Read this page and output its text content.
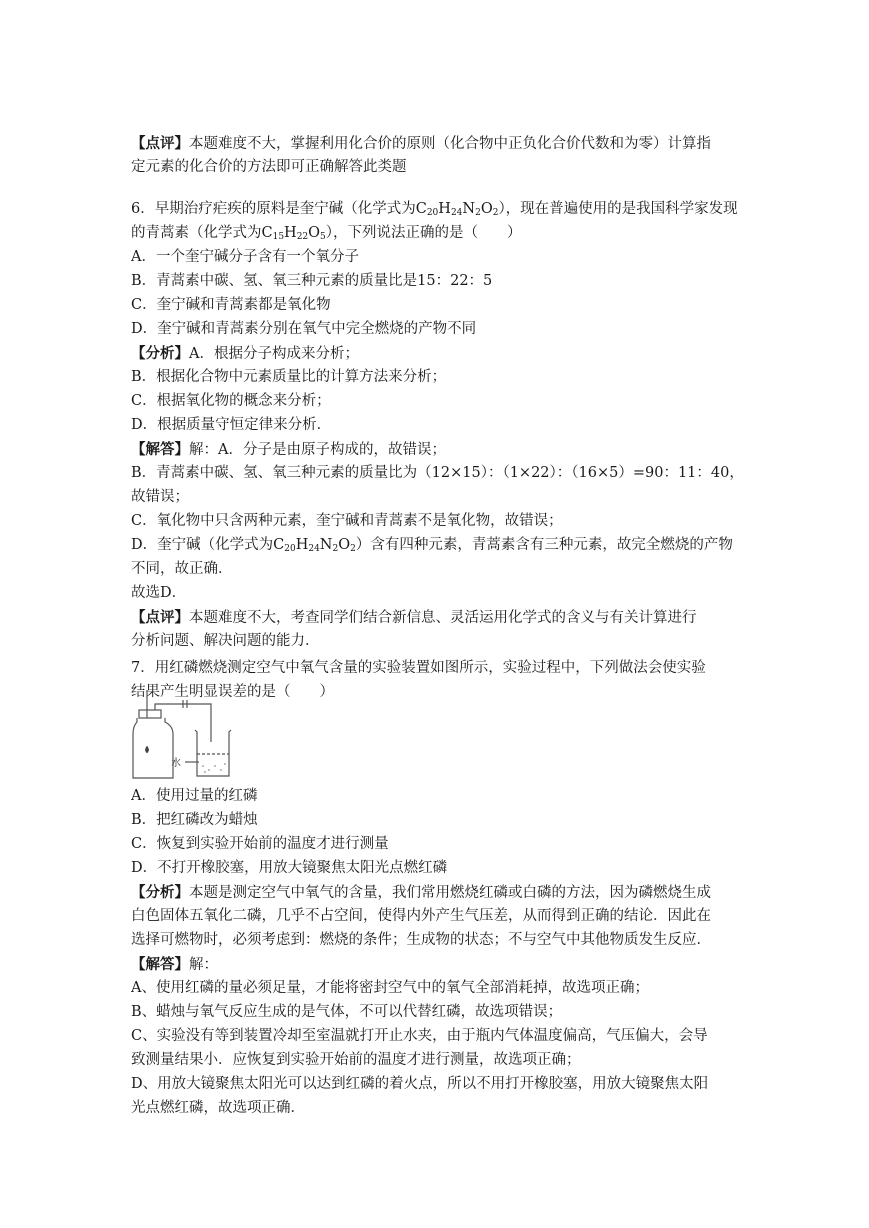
【点评】本题难度不大，掌握利用化合价的原则（化合物中正负化合价代数和为零）计算指
定元素的化合价的方法即可正确解答此类题
6．早期治疗疟疾的原料是奎宁碱（化学式为$C_{20}H_{24}N_2O_2$），现在普遍使用的是我国科学家发现
的青蒿素（化学式为$C_{15}H_{22}O_5$），下列说法正确的是（　　）
A．一个奎宁碱分子含有一个氧分子
B．青蒿素中碳、氢、氧三种元素的质量比是15：22：5
C．奎宁碱和青蒿素都是氧化物
D．奎宁碱和青蒿素分别在氧气中完全燃烧的产物不同
【分析】A．根据分子构成来分析；
B．根据化合物中元素质量比的计算方法来分析；
C．根据氧化物的概念来分析；
D．根据质量守恒定律来分析．
【解答】解：A．分子是由原子构成的，故错误；
B．青蒿素中碳、氢、氧三种元素的质量比为（12×15）：（1×22）：（16×5）=90：11：40，
故错误；
C．氧化物中只含两种元素，奎宁碱和青蒿素不是氧化物，故错误；
D．奎宁碱（化学式为$C_{20}H_{24}N_2O_2$）含有四种元素，青蒿素含有三种元素，故完全燃烧的产物
不同，故正确．
故选D．
【点评】本题难度不大，考查同学们结合新信息、灵活运用化学式的含义与有关计算进行
分析问题、解决问题的能力．
7．用红磷燃烧测定空气中氧气含量的实验装置如图所示，实验过程中，下列做法会使实验
结果产生明显误差的是（　　）
水
A．使用过量的红磷
B．把红磷改为蜡烛
C．恢复到实验开始前的温度才进行测量
D．不打开橡胶塞，用放大镜聚焦太阳光点燃红磷
【分析】本题是测定空气中氧气的含量，我们常用燃烧红磷或白磷的方法，因为磷燃烧生成
白色固体五氧化二磷，几乎不占空间，使得内外产生气压差，从而得到正确的结论．因此在
选择可燃物时，必须考虑到：燃烧的条件；生成物的状态；不与空气中其他物质发生反应．
【解答】解：
A、使用红磷的量必须足量，才能将密封空气中的氧气全部消耗掉，故选项正确；
B、蜡烛与氧气反应生成的是气体，不可以代替红磷，故选项错误；
C、实验没有等到装置冷却至室温就打开止水夹，由于瓶内气体温度偏高，气压偏大，会导
致测量结果小．应恢复到实验开始前的温度才进行测量，故选项正确；
D、用放大镜聚焦太阳光可以达到红磷的着火点，所以不用打开橡胶塞，用放大镜聚焦太阳
光点燃红磷，故选项正确．
